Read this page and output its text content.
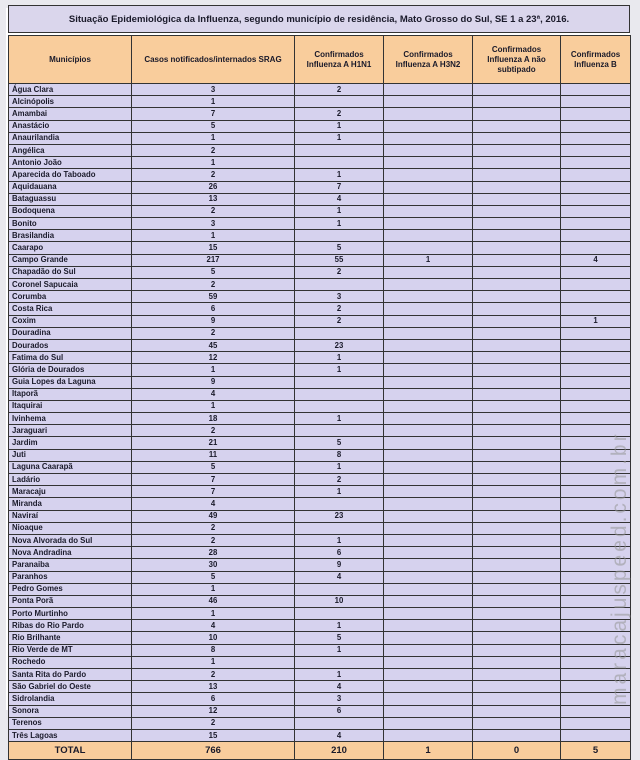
Situação Epidemiológica da Influenza, segundo município de residência, Mato Grosso do Sul, SE 1 a 23ª, 2016.
Municípios	Casos notificados/internados SRAG	Confirmados Influenza A H1N1	Confirmados Influenza A H3N2	Confirmados Influenza A não subtipado	Confirmados Influenza B
Água Clara	3	2			
Alcinópolis	1				
Amambai	7	2			
Anastácio	5	1			
Anaurilandia	1	1			
Angélica	2				
Antonio João	1				
Aparecida do Taboado	2	1			
Aquidauana	26	7			
Bataguassu	13	4			
Bodoquena	2	1			
Bonito	3	1			
Brasilandia	1				
Caarapo	15	5			
Campo Grande	217	55	1		4
Chapadão do Sul	5	2			
Coronel Sapucaia	2				
Corumba	59	3			
Costa Rica	6	2			
Coxim	9	2			1
Douradina	2				
Dourados	45	23			
Fatima do Sul	12	1			
Glória de Dourados	1	1			
Guia Lopes da Laguna	9				
Itaporã	4				
Itaquirai	1				
Ivinhema	18	1			
Jaraguari	2				
Jardim	21	5			
Juti	11	8			
Laguna Caarapã	5	1			
Ladário	7	2			
Maracaju	7	1			
Miranda	4				
Naviraí	49	23			
Nioaque	2				
Nova Alvorada do Sul	2	1			
Nova Andradina	28	6			
Paranaiba	30	9			
Paranhos	5	4			
Pedro Gomes	1				
Ponta Porã	46	10			
Porto Murtinho	1				
Ribas do Rio Pardo	4	1			
Rio Brilhante	10	5			
Rio Verde de MT	8	1			
Rochedo	1				
Santa Rita do Pardo	2	1			
São Gabriel do Oeste	13	4			
Sidrolandia	6	3			
Sonora	12	6			
Terenos	2				
Três Lagoas	15	4			
TOTAL	766	210	1	0	5
maracajuspeed.com.br
